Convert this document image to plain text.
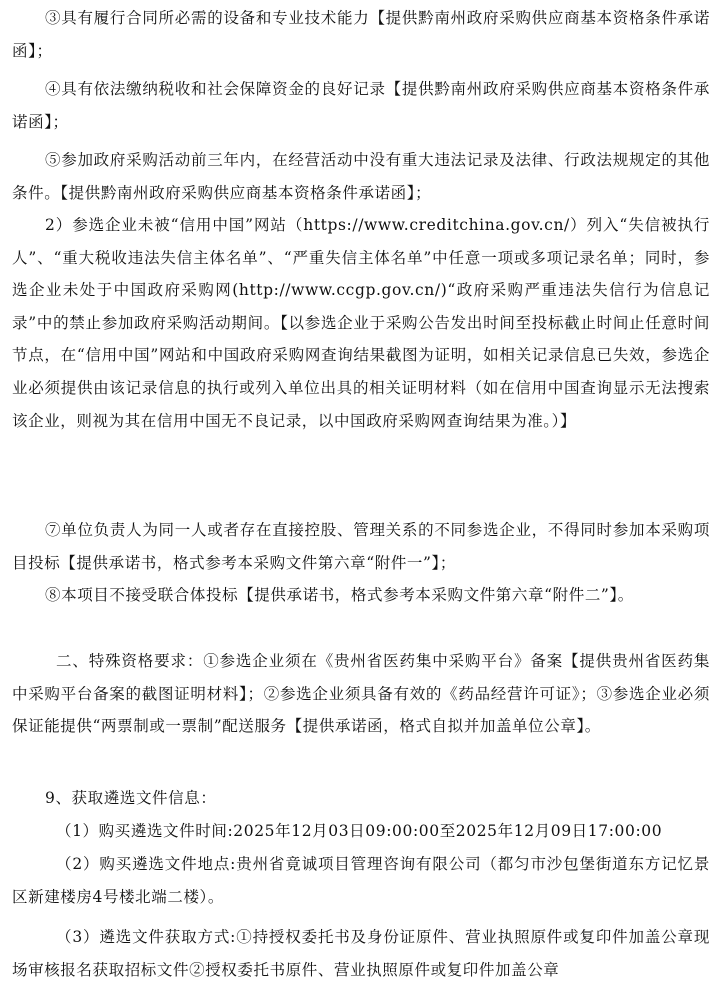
③具有履行合同所必需的设备和专业技术能力【提供黔南州政府采购供应商基本资格条件承诺函】；

④具有依法缴纳税收和社会保障资金的良好记录【提供黔南州政府采购供应商基本资格条件承诺函】；

⑤参加政府采购活动前三年内，在经营活动中没有重大违法记录及法律、行政法规规定的其他条件。【提供黔南州政府采购供应商基本资格条件承诺函】；

2）参选企业未被“信用中国”网站（https://www.creditchina.gov.cn/）列入“失信被执行人”、“重大税收违法失信主体名单”、“严重失信主体名单”中任意一项或多项记录名单；同时，参选企业未处于中国政府采购网(http://www.ccgp.gov.cn/)“政府采购严重违法失信行为信息记录”中的禁止参加政府采购活动期间。【以参选企业于采购公告发出时间至投标截止时间止任意时间节点，在“信用中国”网站和中国政府采购网查询结果截图为证明，如相关记录信息已失效，参选企业必须提供由该记录信息的执行或列入单位出具的相关证明材料（如在信用中国查询显示无法搜索该企业，则视为其在信用中国无不良记录，以中国政府采购网查询结果为准。）】

⑦单位负责人为同一人或者存在直接控股、管理关系的不同参选企业，不得同时参加本采购项目投标【提供承诺书，格式参考本采购文件第六章“附件一”】；

⑧本项目不接受联合体投标【提供承诺书，格式参考本采购文件第六章“附件二”】。

二、特殊资格要求：①参选企业须在《贵州省医药集中采购平台》备案【提供贵州省医药集中采购平台备案的截图证明材料】；②参选企业须具备有效的《药品经营许可证》；③参选企业必须保证能提供“两票制或一票制”配送服务【提供承诺函，格式自拟并加盖单位公章】。

9、获取遴选文件信息：

（1）购买遴选文件时间:2025年12月03日09:00:00至2025年12月09日17:00:00

（2）购买遴选文件地点:贵州省竟诚项目管理咨询有限公司（都匀市沙包堡街道东方记忆景区新建楼房4号楼北端二楼）。

（3）遴选文件获取方式:①持授权委托书及身份证原件、营业执照原件或复印件加盖公章现场审核报名获取招标文件②授权委托书原件、营业执照原件或复印件加盖公章
